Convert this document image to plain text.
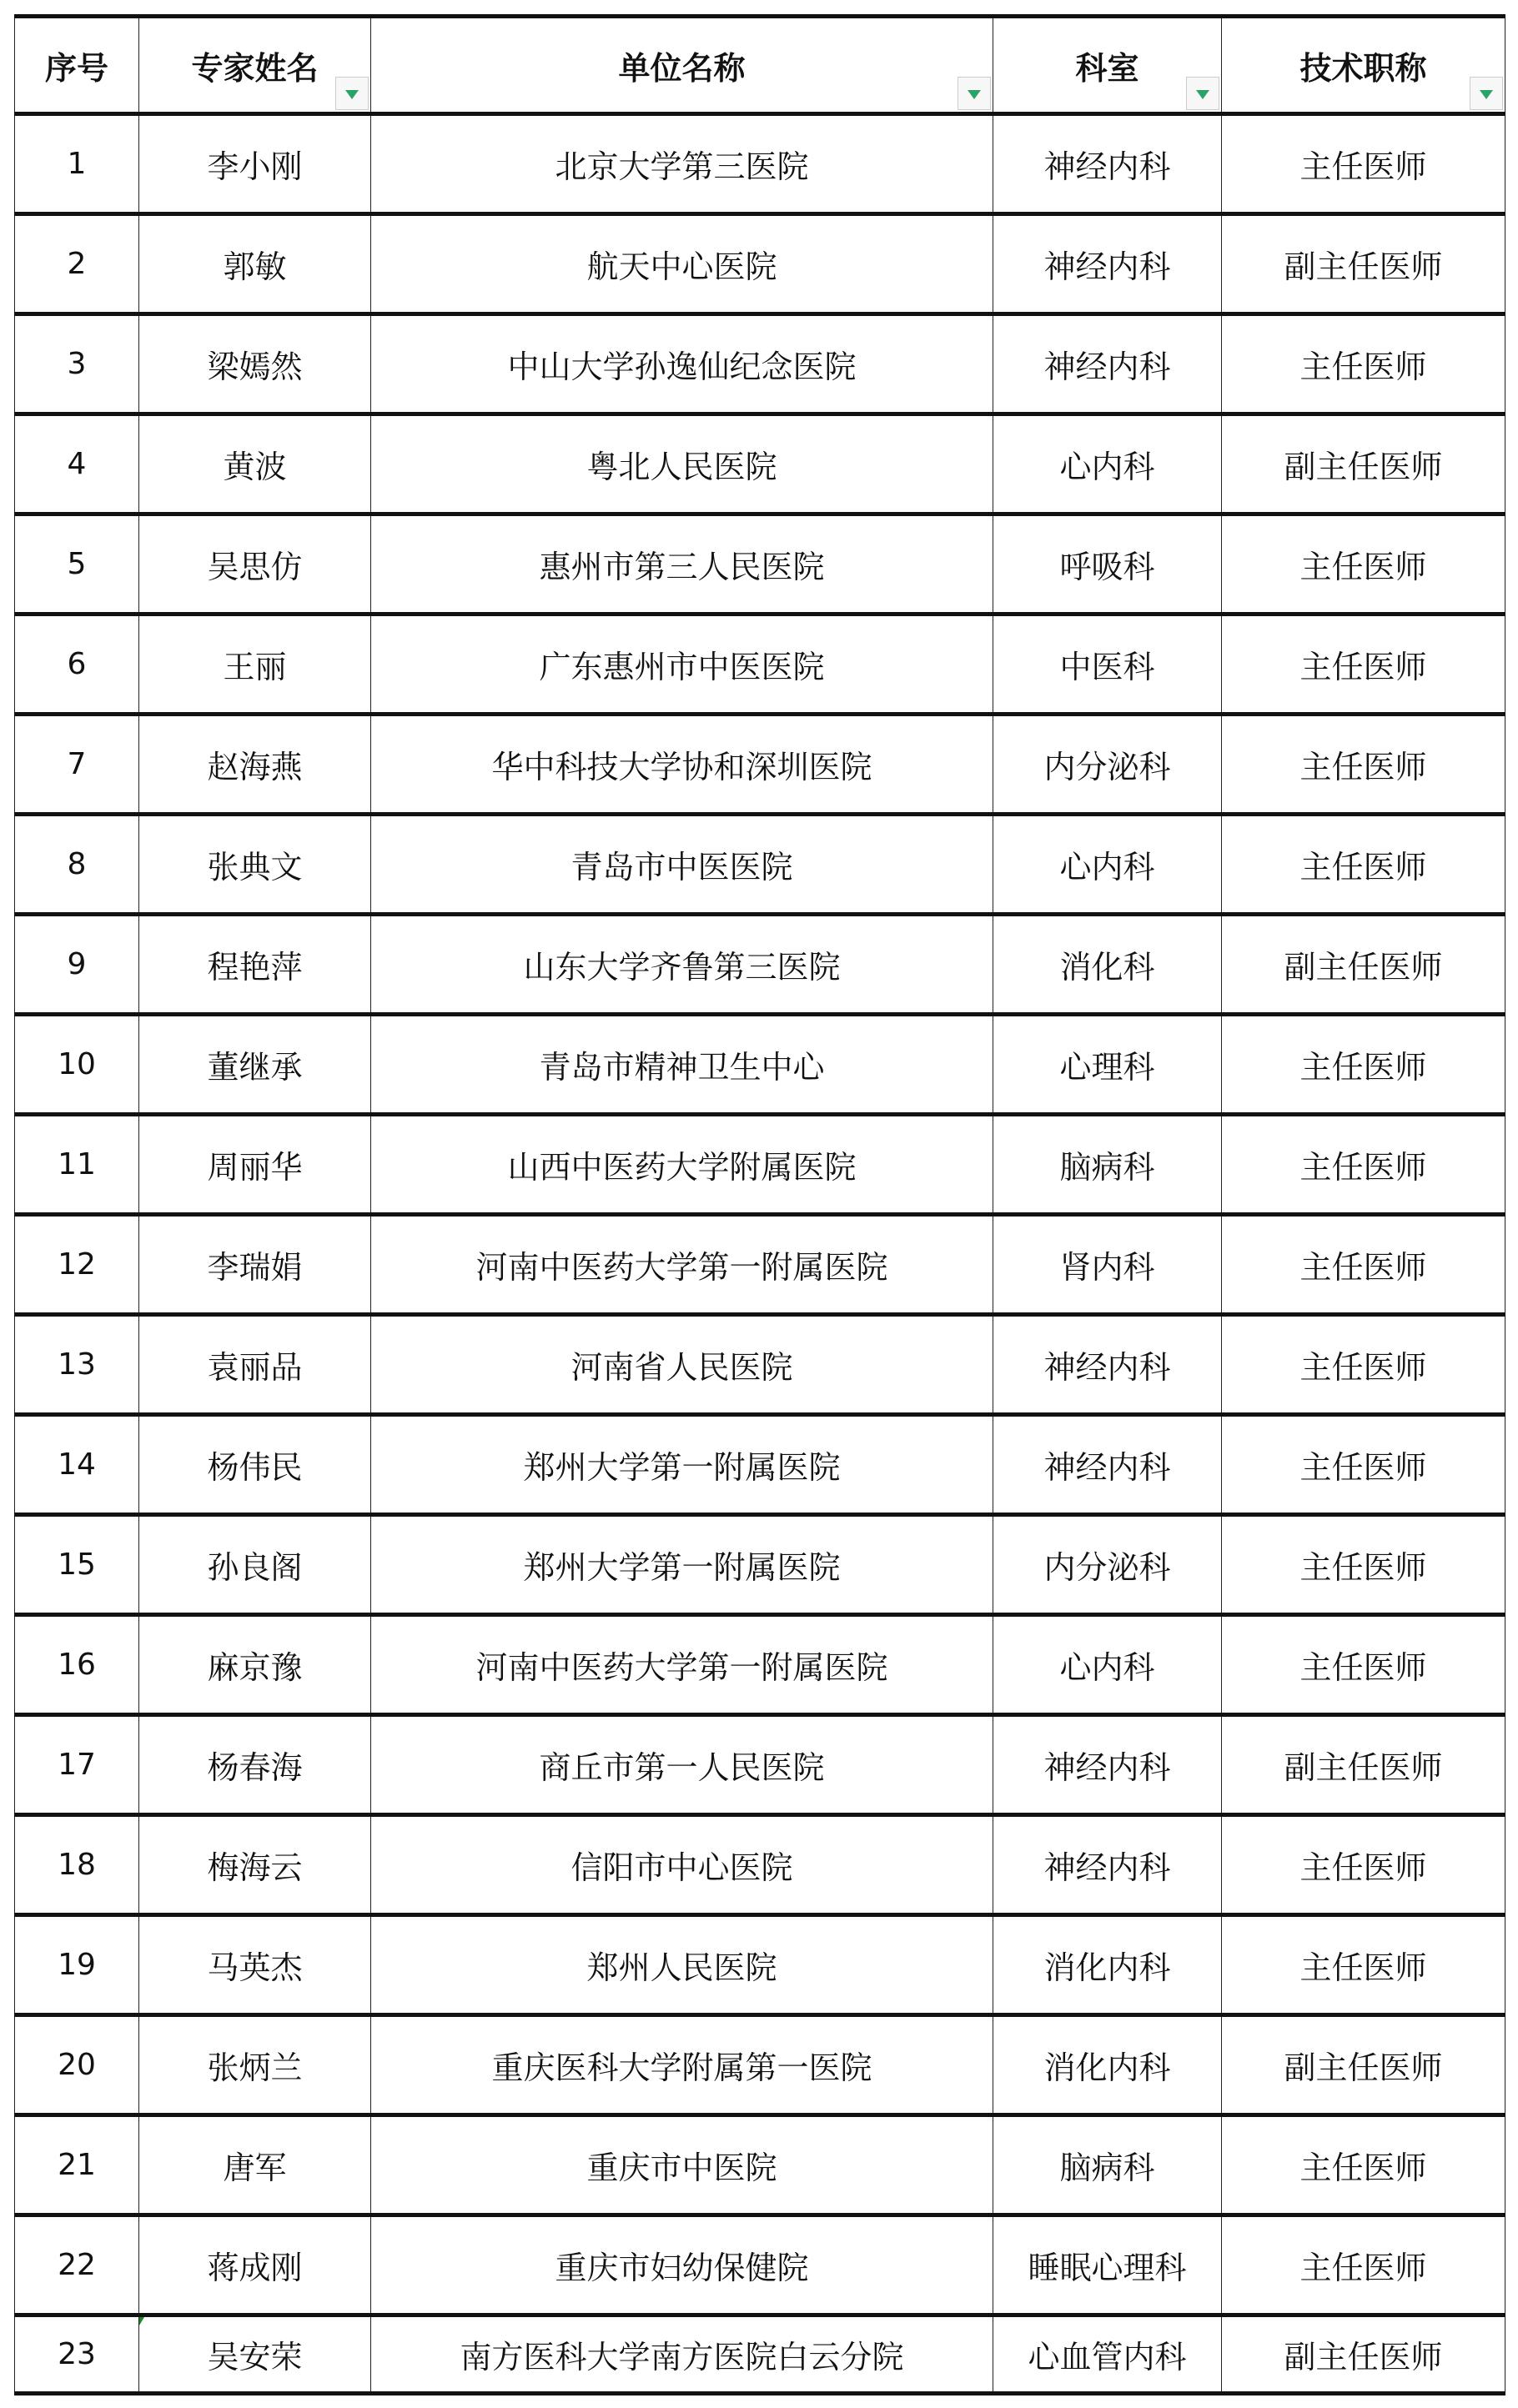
序号	专家姓名	单位名称	科室	技术职称

1	李小刚	北京大学第三医院	神经内科	主任医师
2	郭敏	航天中心医院	神经内科	副主任医师
3	梁嫣然	中山大学孙逸仙纪念医院	神经内科	主任医师
4	黄波	粤北人民医院	心内科	副主任医师
5	吴思仿	惠州市第三人民医院	呼吸科	主任医师
6	王丽	广东惠州市中医医院	中医科	主任医师
7	赵海燕	华中科技大学协和深圳医院	内分泌科	主任医师
8	张典文	青岛市中医医院	心内科	主任医师
9	程艳萍	山东大学齐鲁第三医院	消化科	副主任医师
10	董继承	青岛市精神卫生中心	心理科	主任医师
11	周丽华	山西中医药大学附属医院	脑病科	主任医师
12	李瑞娟	河南中医药大学第一附属医院	肾内科	主任医师
13	袁丽品	河南省人民医院	神经内科	主任医师
14	杨伟民	郑州大学第一附属医院	神经内科	主任医师
15	孙良阁	郑州大学第一附属医院	内分泌科	主任医师
16	麻京豫	河南中医药大学第一附属医院	心内科	主任医师
17	杨春海	商丘市第一人民医院	神经内科	副主任医师
18	梅海云	信阳市中心医院	神经内科	主任医师
19	马英杰	郑州人民医院	消化内科	主任医师
20	张炳兰	重庆医科大学附属第一医院	消化内科	副主任医师
21	唐军	重庆市中医院	脑病科	主任医师
22	蒋成刚	重庆市妇幼保健院	睡眠心理科	主任医师
23	吴安荣	南方医科大学南方医院白云分院	心血管内科	副主任医师
